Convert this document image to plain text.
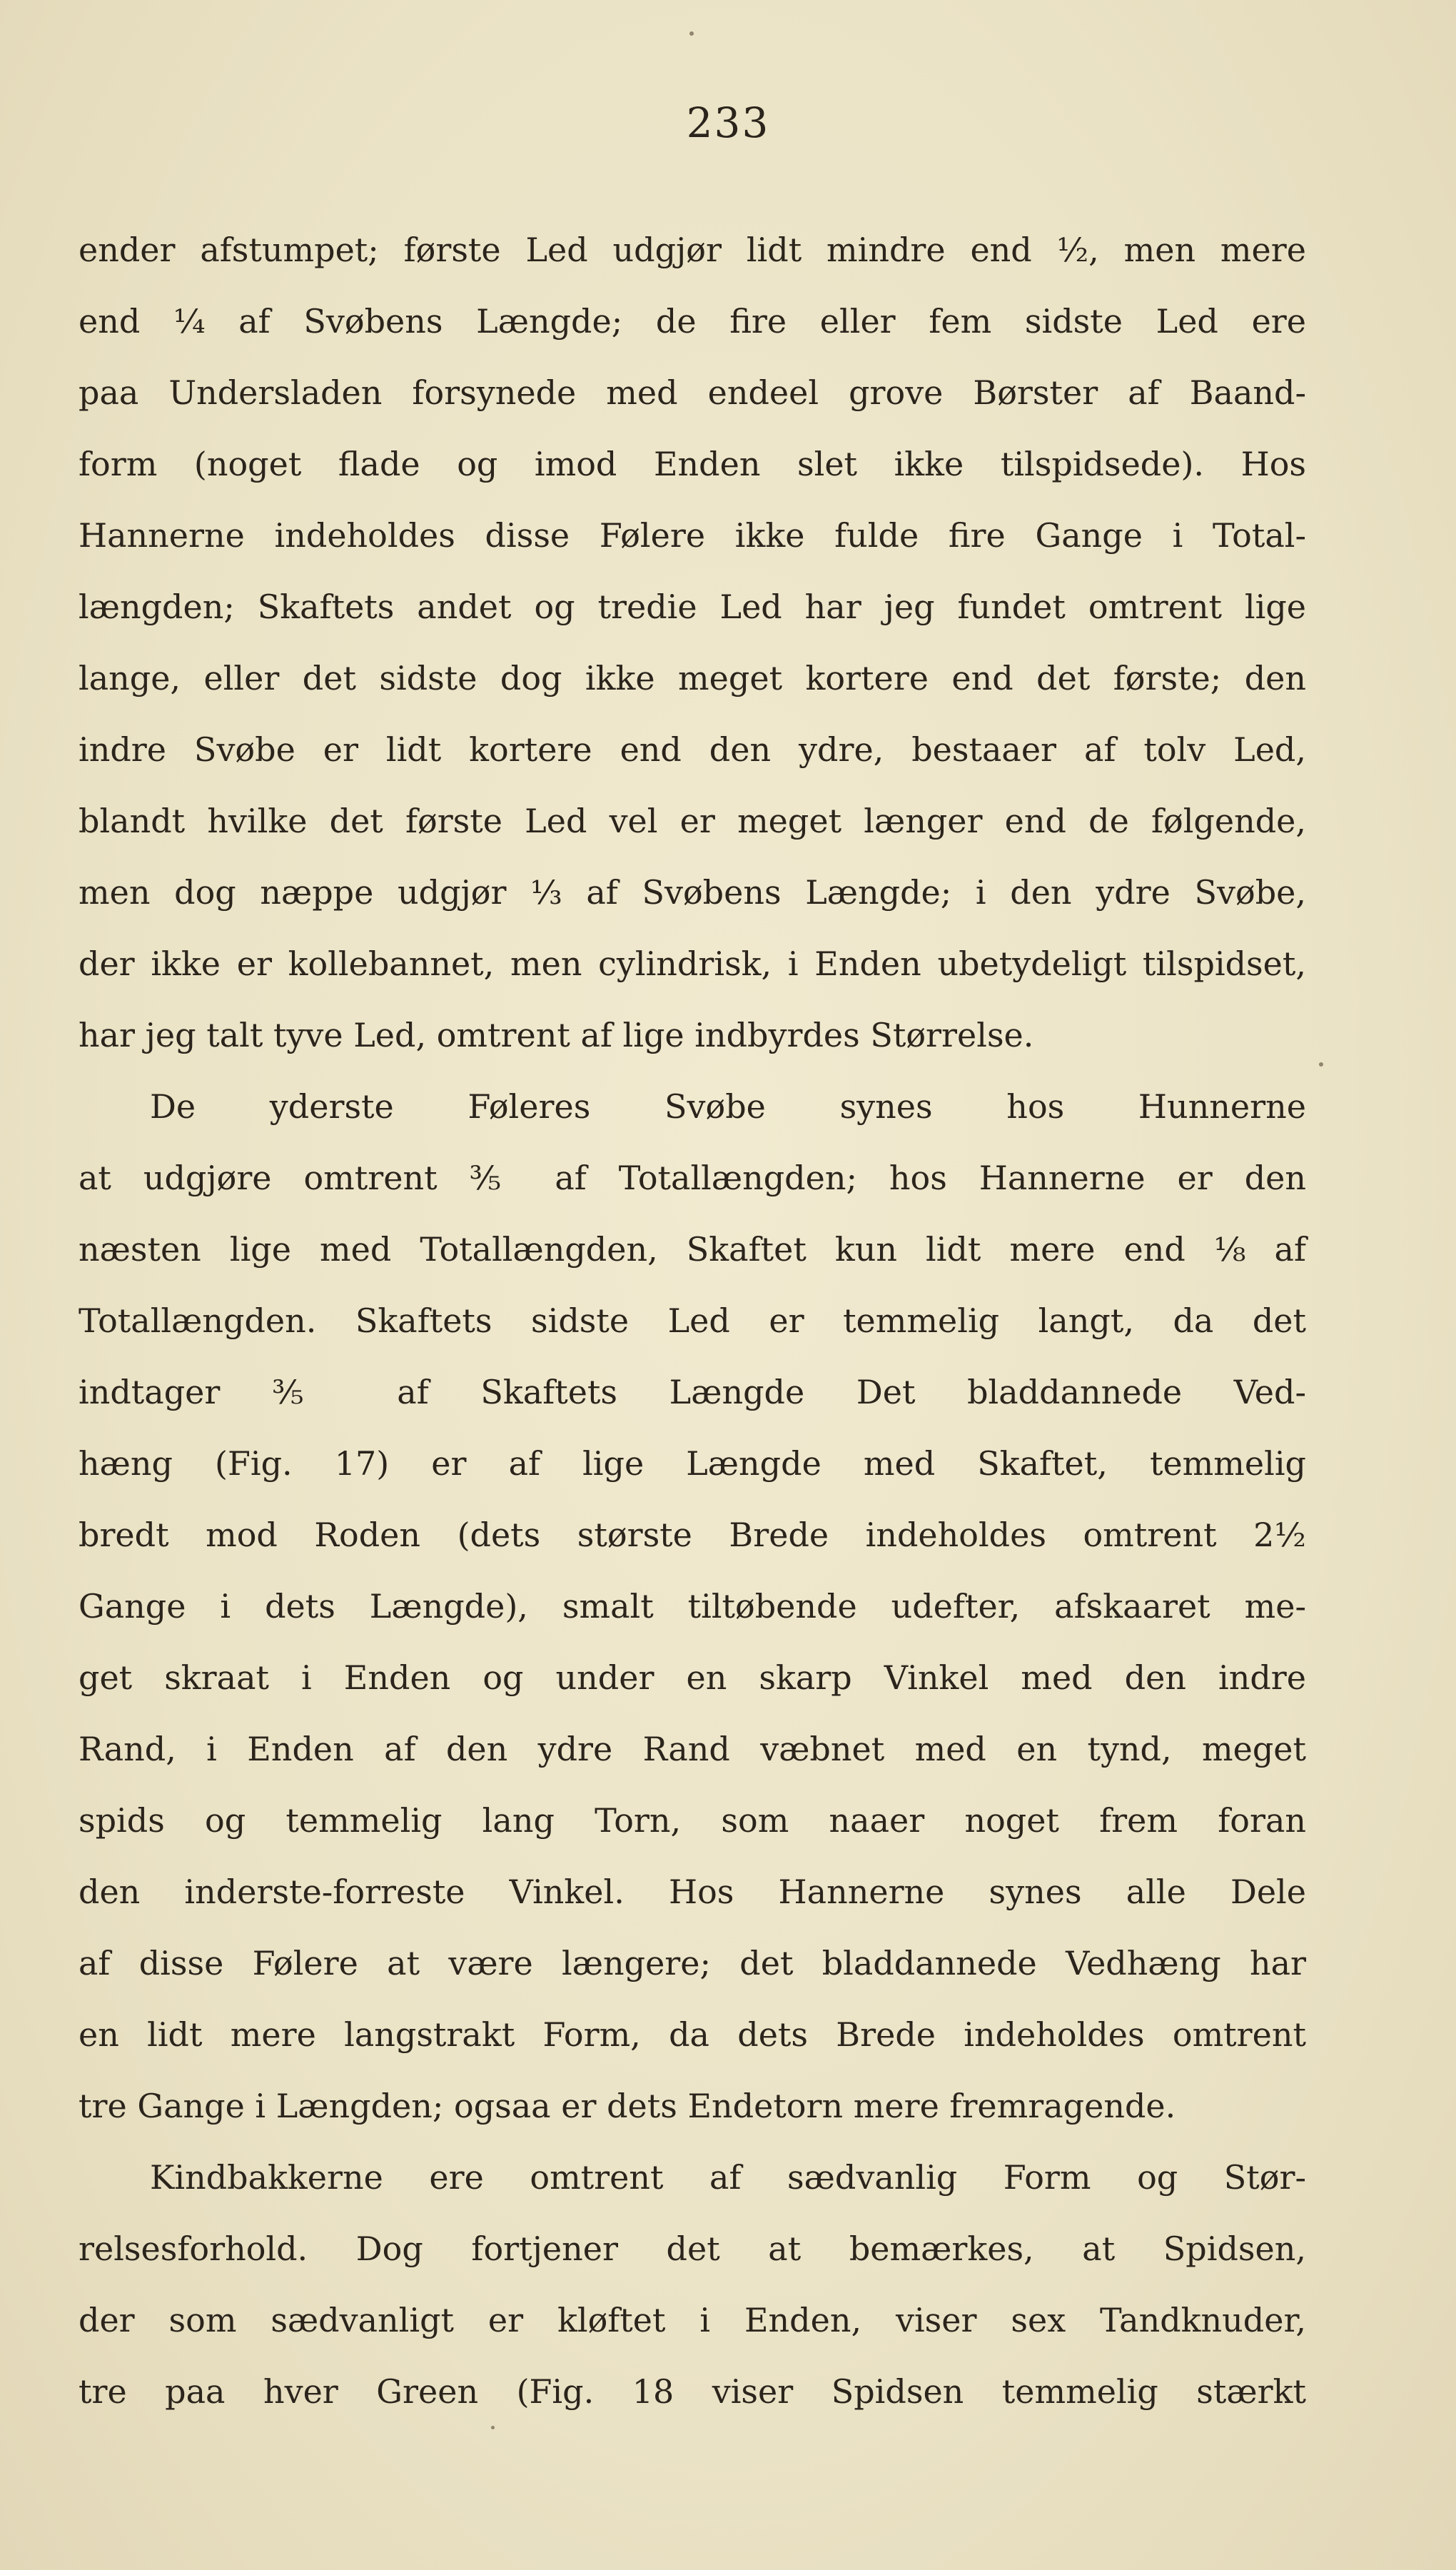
233
ender afstumpet; første Led udgjør lidt mindre end ½, men mere
end ¼ af Svøbens Længde; de fire eller fem sidste Led ere
paa Undersladen forsynede med endeel grove Børster af Baand-
form (noget flade og imod Enden slet ikke tilspidsede). Hos
Hannerne indeholdes disse Følere ikke fulde fire Gange i Total-
længden; Skaftets andet og tredie Led har jeg fundet omtrent lige
lange, eller det sidste dog ikke meget kortere end det første; den
indre Svøbe er lidt kortere end den ydre, bestaaer af tolv Led,
blandt hvilke det første Led vel er meget længer end de følgende,
men dog næppe udgjør ⅓ af Svøbens Længde; i den ydre Svøbe,
der ikke er kollebannet, men cylindrisk, i Enden ubetydeligt tilspidset,
har jeg talt tyve Led, omtrent af lige indbyrdes Størrelse.
De yderste Føleres Svøbe synes hos Hunnerne
at udgjøre omtrent ⅗ af Totallængden; hos Hannerne er den
næsten lige med Totallængden, Skaftet kun lidt mere end ⅛ af
Totallængden. Skaftets sidste Led er temmelig langt, da det
indtager ⅗ af Skaftets Længde Det bladdannede Ved-
hæng (Fig. 17) er af lige Længde med Skaftet, temmelig
bredt mod Roden (dets største Brede indeholdes omtrent 2½
Gange i dets Længde), smalt tiltøbende udefter, afskaaret me-
get skraat i Enden og under en skarp Vinkel med den indre
Rand, i Enden af den ydre Rand væbnet med en tynd, meget
spids og temmelig lang Torn, som naaer noget frem foran
den inderste-forreste Vinkel. Hos Hannerne synes alle Dele
af disse Følere at være længere; det bladdannede Vedhæng har
en lidt mere langstrakt Form, da dets Brede indeholdes omtrent
tre Gange i Længden; ogsaa er dets Endetorn mere fremragende.
Kindbakkerne ere omtrent af sædvanlig Form og Stør-
relsesforhold. Dog fortjener det at bemærkes, at Spidsen,
der som sædvanligt er kløftet i Enden, viser sex Tandknuder,
tre paa hver Green (Fig. 18 viser Spidsen temmelig stærkt
